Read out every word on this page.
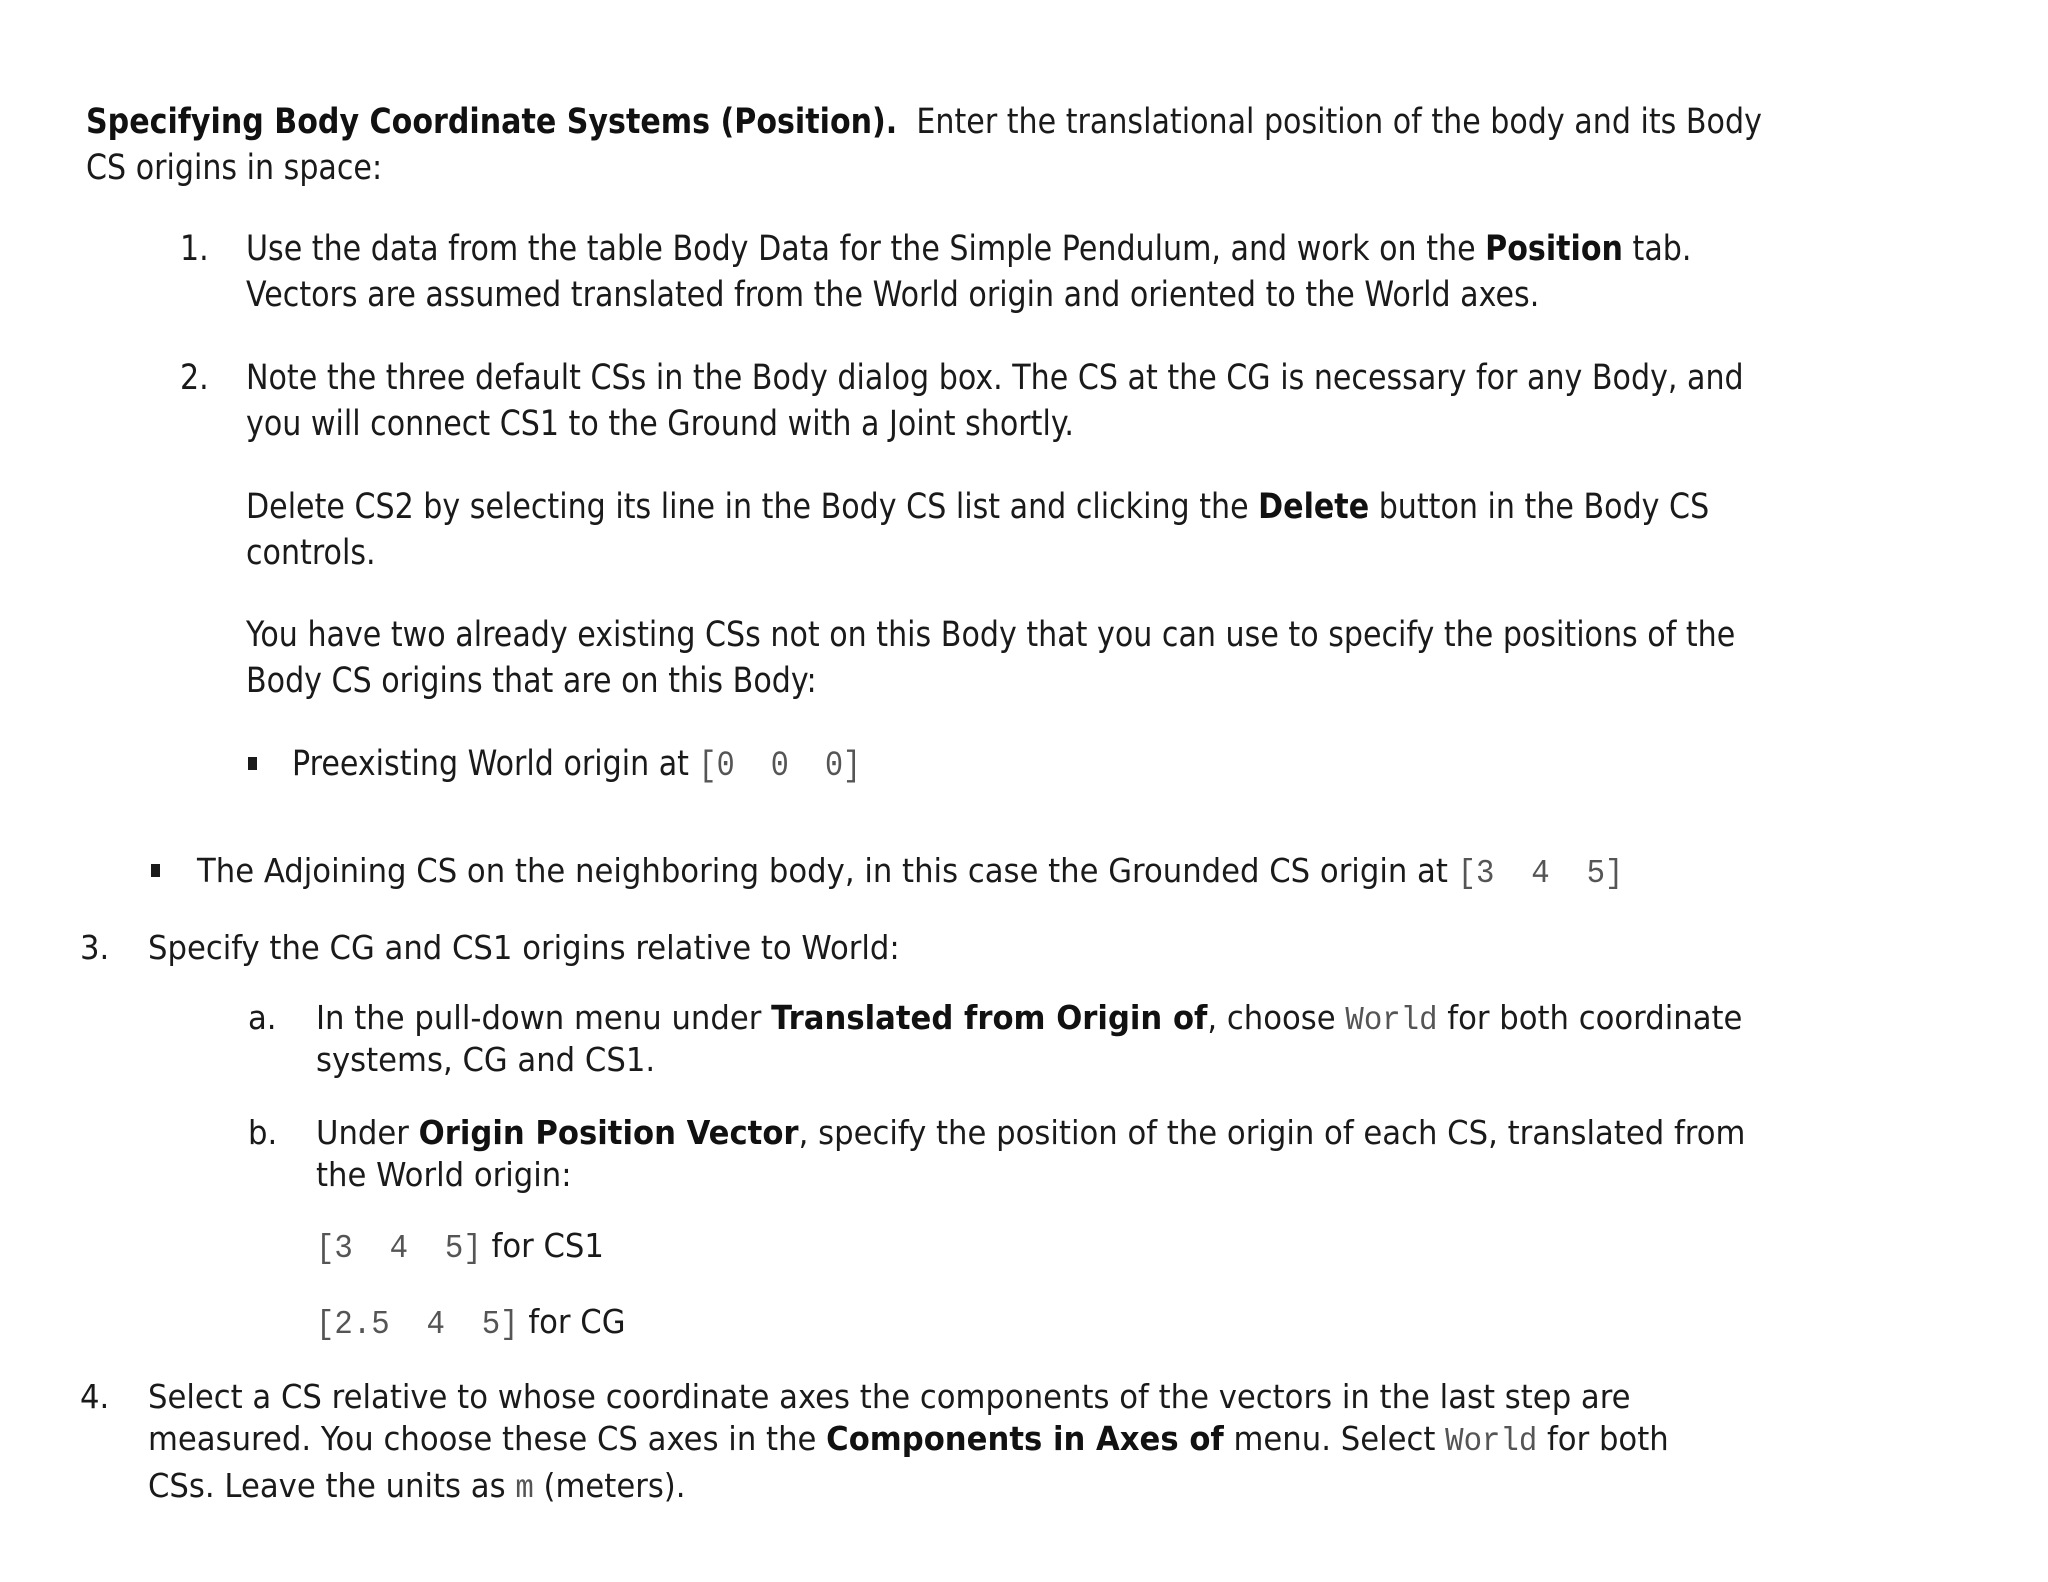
Specifying Body Coordinate Systems (Position). Enter the translational position of the body and its Body
CS origins in space:
1. Use the data from the table Body Data for the Simple Pendulum, and work on the Position tab.
Vectors are assumed translated from the World origin and oriented to the World axes.
2. Note the three default CSs in the Body dialog box. The CS at the CG is necessary for any Body, and
you will connect CS1 to the Ground with a Joint shortly.
Delete CS2 by selecting its line in the Body CS list and clicking the Delete button in the Body CS
controls.
You have two already existing CSs not on this Body that you can use to specify the positions of the
Body CS origins that are on this Body:
Preexisting World origin at [0  0  0]
The Adjoining CS on the neighboring body, in this case the Grounded CS origin at [3  4  5]
3. Specify the CG and CS1 origins relative to World:
a. In the pull-down menu under Translated from Origin of, choose World for both coordinate
systems, CG and CS1.
b. Under Origin Position Vector, specify the position of the origin of each CS, translated from
the World origin:
[3  4  5] for CS1
[2.5  4  5] for CG
4. Select a CS relative to whose coordinate axes the components of the vectors in the last step are
measured. You choose these CS axes in the Components in Axes of menu. Select World for both
CSs. Leave the units as m (meters).
